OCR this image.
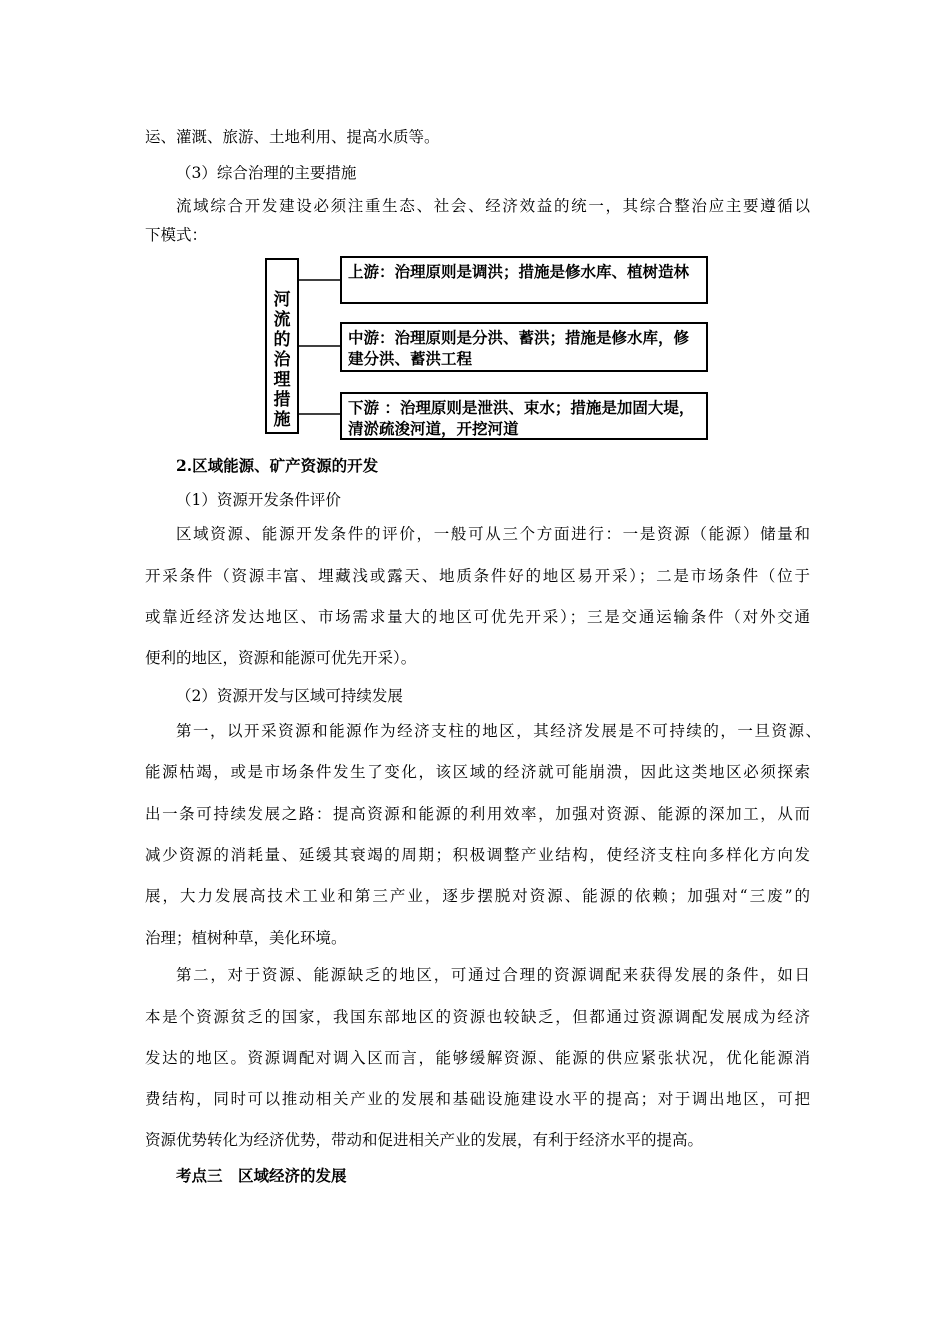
运、灌溉、旅游、土地利用、提高水质等。
（3）综合治理的主要措施
流域综合开发建设必须注重生态、社会、经济效益的统一，其综合整治应主要遵循以
下模式：
河
流
的
治
理
措
施
上游：治理原则是调洪；措施是修水库、植树造林
中游：治理原则是分洪、蓄洪；措施是修水库，修建分洪、蓄洪工程
下游 ：治理原则是泄洪、束水；措施是加固大堤，清淤疏浚河道，开挖河道
2.区域能源、矿产资源的开发
（1）资源开发条件评价
区域资源、能源开发条件的评价，一般可从三个方面进行：一是资源（能源）储量和
开采条件（资源丰富、埋藏浅或露天、地质条件好的地区易开采）；二是市场条件（位于
或靠近经济发达地区、市场需求量大的地区可优先开采）；三是交通运输条件（对外交通
便利的地区，资源和能源可优先开采）。
（2）资源开发与区域可持续发展
第一，以开采资源和能源作为经济支柱的地区，其经济发展是不可持续的，一旦资源、
能源枯竭，或是市场条件发生了变化，该区域的经济就可能崩溃，因此这类地区必须探索
出一条可持续发展之路：提高资源和能源的利用效率，加强对资源、能源的深加工，从而
减少资源的消耗量、延缓其衰竭的周期；积极调整产业结构，使经济支柱向多样化方向发
展，大力发展高技术工业和第三产业，逐步摆脱对资源、能源的依赖；加强对“三废”的
治理；植树种草，美化环境。
第二，对于资源、能源缺乏的地区，可通过合理的资源调配来获得发展的条件，如日
本是个资源贫乏的国家，我国东部地区的资源也较缺乏，但都通过资源调配发展成为经济
发达的地区。资源调配对调入区而言，能够缓解资源、能源的供应紧张状况，优化能源消
费结构，同时可以推动相关产业的发展和基础设施建设水平的提高；对于调出地区，可把
资源优势转化为经济优势，带动和促进相关产业的发展，有利于经济水平的提高。
考点三　区域经济的发展
